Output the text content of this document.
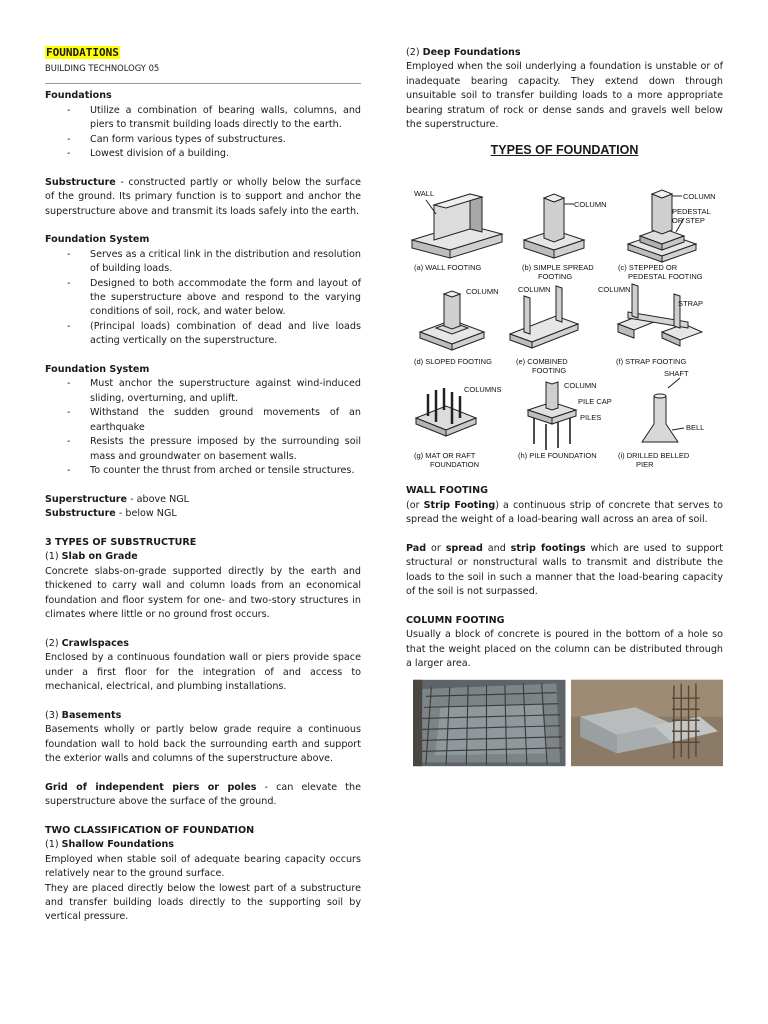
FOUNDATIONS
BUILDING TECHNOLOGY 05
Foundations
- Utilize a combination of bearing walls, columns, and piers to transmit building loads directly to the earth.
- Can form various types of substructures.
- Lowest division of a building.
Substructure - constructed partly or wholly below the surface of the ground. Its primary function is to support and anchor the superstructure above and transmit its loads safely into the earth.
Foundation System
- Serves as a critical link in the distribution and resolution of building loads.
- Designed to both accommodate the form and layout of the superstructure above and respond to the varying conditions of soil, rock, and water below.
- (Principal loads) combination of dead and live loads acting vertically on the superstructure.
Foundation System
- Must anchor the superstructure against wind-induced sliding, overturning, and uplift.
- Withstand the sudden ground movements of an earthquake
- Resists the pressure imposed by the surrounding soil mass and groundwater on basement walls.
- To counter the thrust from arched or tensile structures.
Superstructure - above NGL
Substructure - below NGL
3 TYPES OF SUBSTRUCTURE
(1) Slab on Grade
Concrete slabs-on-grade supported directly by the earth and thickened to carry wall and column loads from an economical foundation and floor system for one- and two-story structures in climates where little or no ground frost occurs.
(2) Crawlspaces
Enclosed by a continuous foundation wall or piers provide space under a first floor for the integration of and access to mechanical, electrical, and plumbing installations.
(3) Basements
Basements wholly or partly below grade require a continuous foundation wall to hold back the surrounding earth and support the exterior walls and columns of the superstructure above.
Grid of independent piers or poles - can elevate the superstructure above the surface of the ground.
TWO CLASSIFICATION OF FOUNDATION
(1) Shallow Foundations
Employed when stable soil of adequate bearing capacity occurs relatively near to the ground surface.
They are placed directly below the lowest part of a substructure and transfer building loads directly to the supporting soil by vertical pressure.
(2) Deep Foundations
Employed when the soil underlying a foundation is unstable or of inadequate bearing capacity. They extend down through unsuitable soil to transfer building loads to a more appropriate bearing stratum of rock or dense sands and gravels well below the superstructure.
TYPES OF FOUNDATION
WALL
COLUMN
COLUMN
PEDESTAL
OR STEP
COLUMN	COLUMN	COLUMN
STRAP
COLUMNS	COLUMN
PILE CAP
PILES
SHAFT
BELL
(a) WALL FOOTING	(b) SIMPLE SPREAD
FOOTING
(c) STEPPED OR
PEDESTAL FOOTING
(d) SLOPED FOOTING	(e) COMBINED
FOOTING
(f) STRAP FOOTING
(g) MAT OR RAFT
FOUNDATION
(h) PILE FOUNDATION	(i) DRILLED BELLED
PIER
WALL FOOTING
(or Strip Footing) a continuous strip of concrete that serves to spread the weight of a load-bearing wall across an area of soil.
Pad or spread and strip footings which are used to support structural or nonstructural walls to transmit and distribute the loads to the soil in such a manner that the load-bearing capacity of the soil is not surpassed.
COLUMN FOOTING
Usually a block of concrete is poured in the bottom of a hole so that the weight placed on the column can be distributed through a larger area.
